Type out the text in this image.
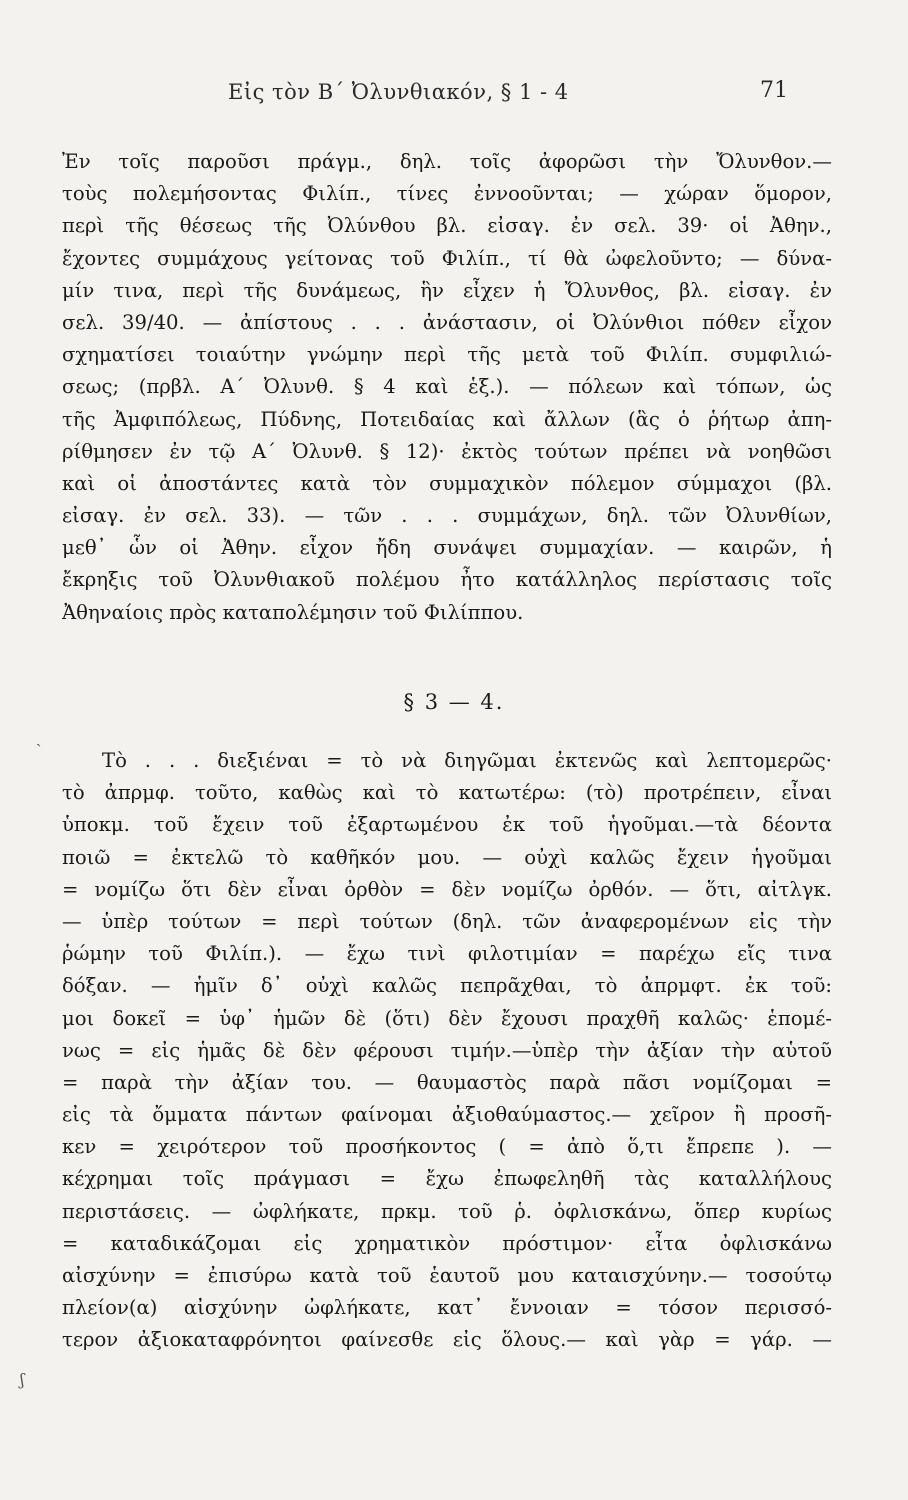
Εἰς τὸν Β΄ Ὀλυνθιακόν, § 1 - 4	71
Ἐν τοῖς παροῦσι πράγμ., δηλ. τοῖς ἀφορῶσι τὴν Ὄλυνθον.—
τοὺς πολεμήσοντας Φιλίπ., τίνες ἐννοοῦνται; — χώραν ὅμορον,
περὶ τῆς θέσεως τῆς Ὀλύνθου βλ. εἰσαγ. ἐν σελ. 39· οἱ Ἀθην.,
ἔχοντες συμμάχους γείτονας τοῦ Φιλίπ., τί θὰ ὠφελοῦντο; — δύνα-
μίν τινα, περὶ τῆς δυνάμεως, ἣν εἶχεν ἡ Ὄλυνθος, βλ. εἰσαγ. ἐν
σελ. 39/40. — ἀπίστους . . . ἀνάστασιν, οἱ Ὀλύνθιοι πόθεν εἶχον
σχηματίσει τοιαύτην γνώμην περὶ τῆς μετὰ τοῦ Φιλίπ. συμφιλιώ-
σεως; (πρβλ. Α΄ Ὀλυνθ. § 4 καὶ ἑξ.). — πόλεων καὶ τόπων, ὡς
τῆς Ἀμφιπόλεως, Πύδνης, Ποτειδαίας καὶ ἄλλων (ἃς ὁ ῥήτωρ ἀπη-
ρίθμησεν ἐν τῷ Α΄ Ὀλυνθ. § 12)· ἐκτὸς τούτων πρέπει νὰ νοηθῶσι
καὶ οἱ ἀποστάντες κατὰ τὸν συμμαχικὸν πόλεμον σύμμαχοι (βλ.
εἰσαγ. ἐν σελ. 33). — τῶν . . . συμμάχων, δηλ. τῶν Ὀλυνθίων,
μεθ᾽ ὧν οἱ Ἀθην. εἶχον ἤδη συνάψει συμμαχίαν. — καιρῶν, ἡ
ἔκρηξις τοῦ Ὀλυνθιακοῦ πολέμου ἦτο κατάλληλος περίστασις τοῖς
Ἀθηναίοις πρὸς καταπολέμησιν τοῦ Φιλίππου.
§ 3 — 4.
ˏ
Τὸ . . . διεξιέναι = τὸ νὰ διηγῶμαι ἐκτενῶς καὶ λεπτομερῶς·
τὸ ἀπρμφ. τοῦτο, καθὼς καὶ τὸ κατωτέρω: (τὸ) προτρέπειν, εἶναι
ὑποκμ. τοῦ ἔχειν τοῦ ἐξαρτωμένου ἐκ τοῦ ἡγοῦμαι.—τὰ δέοντα
ποιῶ = ἐκτελῶ τὸ καθῆκόν μου. — οὐχὶ καλῶς ἔχειν ἡγοῦμαι
= νομίζω ὅτι δὲν εἶναι ὀρθὸν = δὲν νομίζω ὀρθόν. — ὅτι, αἰτλγκ.
— ὑπὲρ τούτων = περὶ τούτων (δηλ. τῶν ἀναφερομένων εἰς τὴν
ῥώμην τοῦ Φιλίπ.). — ἔχω τινὶ φιλοτιμίαν = παρέχω εἴς τινα
δόξαν. — ἡμῖν δ᾽ οὐχὶ καλῶς πεπρᾶχθαι, τὸ ἀπρμφτ. ἐκ τοῦ:
μοι δοκεῖ = ὑφ᾽ ἡμῶν δὲ (ὅτι) δὲν ἔχουσι πραχθῆ καλῶς· ἑπομέ-
νως = εἰς ἡμᾶς δὲ δὲν φέρουσι τιμήν.—ὑπὲρ τὴν ἀξίαν τὴν αὑτοῦ
= παρὰ τὴν ἀξίαν του. — θαυμαστὸς παρὰ πᾶσι νομίζομαι =
εἰς τὰ ὄμματα πάντων φαίνομαι ἀξιοθαύμαστος.— χεῖρον ἢ προσῆ-
κεν = χειρότερον τοῦ προσήκοντος ( = ἀπὸ ὅ,τι ἔπρεπε ). —
κέχρημαι τοῖς πράγμασι = ἔχω ἐπωφεληθῆ τὰς καταλλήλους
περιστάσεις. — ὠφλήκατε, πρκμ. τοῦ ῥ. ὀφλισκάνω, ὅπερ κυρίως
= καταδικάζομαι εἰς χρηματικὸν πρόστιμον· εἶτα ὀφλισκάνω
αἰσχύνην = ἐπισύρω κατὰ τοῦ ἑαυτοῦ μου καταισχύνην.— τοσούτῳ
πλείον(α) αἰσχύνην ὠφλήκατε, κατ᾽ ἔννοιαν = τόσον περισσό-
τερον ἀξιοκαταφρόνητοι φαίνεσθε εἰς ὅλους.— καὶ γὰρ = γάρ. —
ʃ
